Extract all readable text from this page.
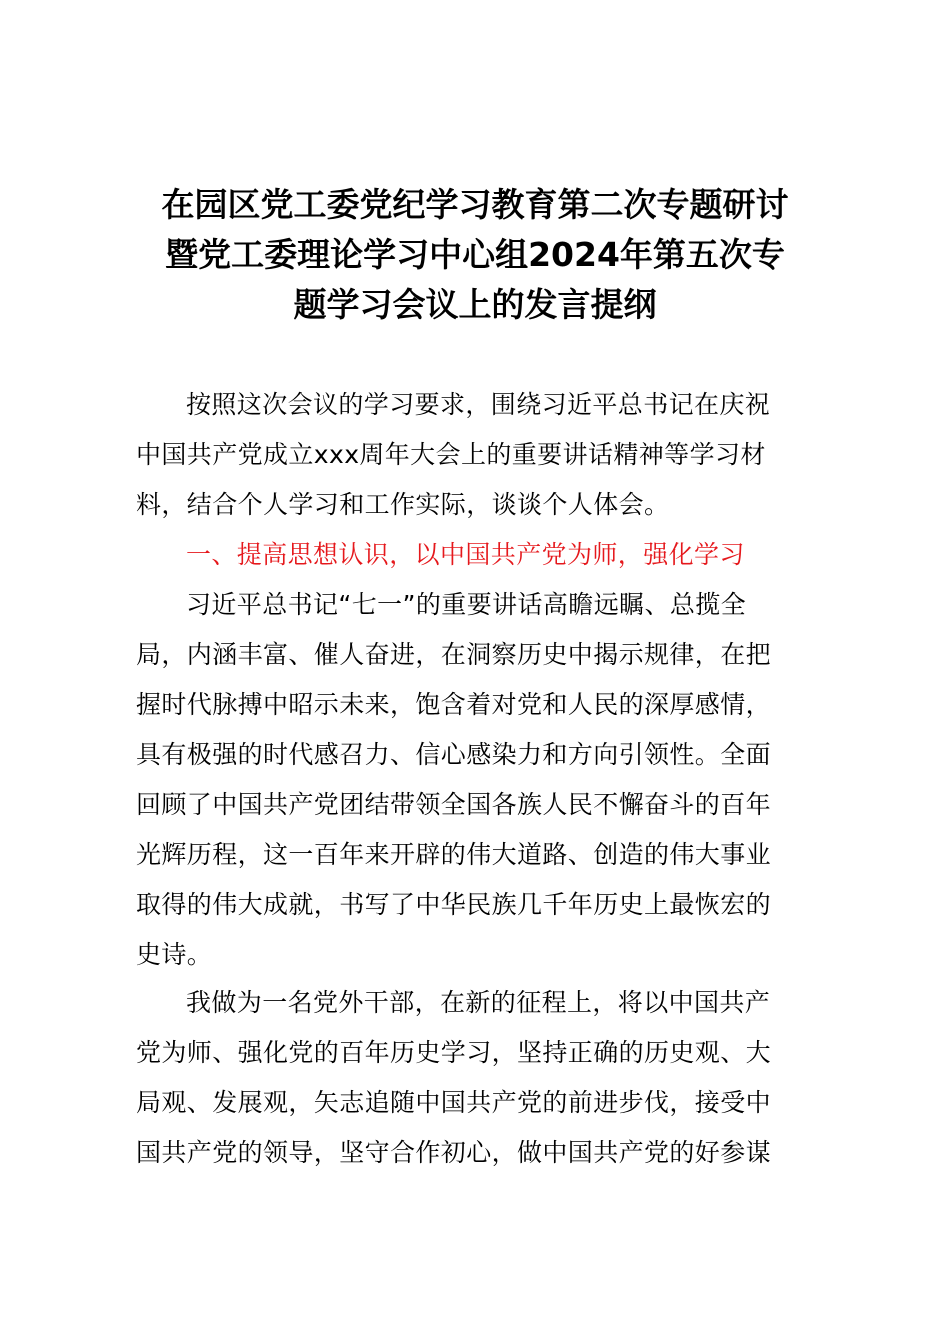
在园区党工委党纪学习教育第二次专题研讨
暨党工委理论学习中心组2024年第五次专
题学习会议上的发言提纲
按照这次会议的学习要求，围绕习近平总书记在庆祝
中国共产党成立xxx周年大会上的重要讲话精神等学习材
料，结合个人学习和工作实际，谈谈个人体会。
一、提高思想认识，以中国共产党为师，强化学习
习近平总书记“七一”的重要讲话高瞻远瞩、总揽全
局，内涵丰富、催人奋进，在洞察历史中揭示规律，在把
握时代脉搏中昭示未来，饱含着对党和人民的深厚感情，
具有极强的时代感召力、信心感染力和方向引领性。全面
回顾了中国共产党团结带领全国各族人民不懈奋斗的百年
光辉历程，这一百年来开辟的伟大道路、创造的伟大事业
取得的伟大成就，书写了中华民族几千年历史上最恢宏的
史诗。
我做为一名党外干部，在新的征程上，将以中国共产
党为师、强化党的百年历史学习，坚持正确的历史观、大
局观、发展观，矢志追随中国共产党的前进步伐，接受中
国共产党的领导，坚守合作初心，做中国共产党的好参谋
